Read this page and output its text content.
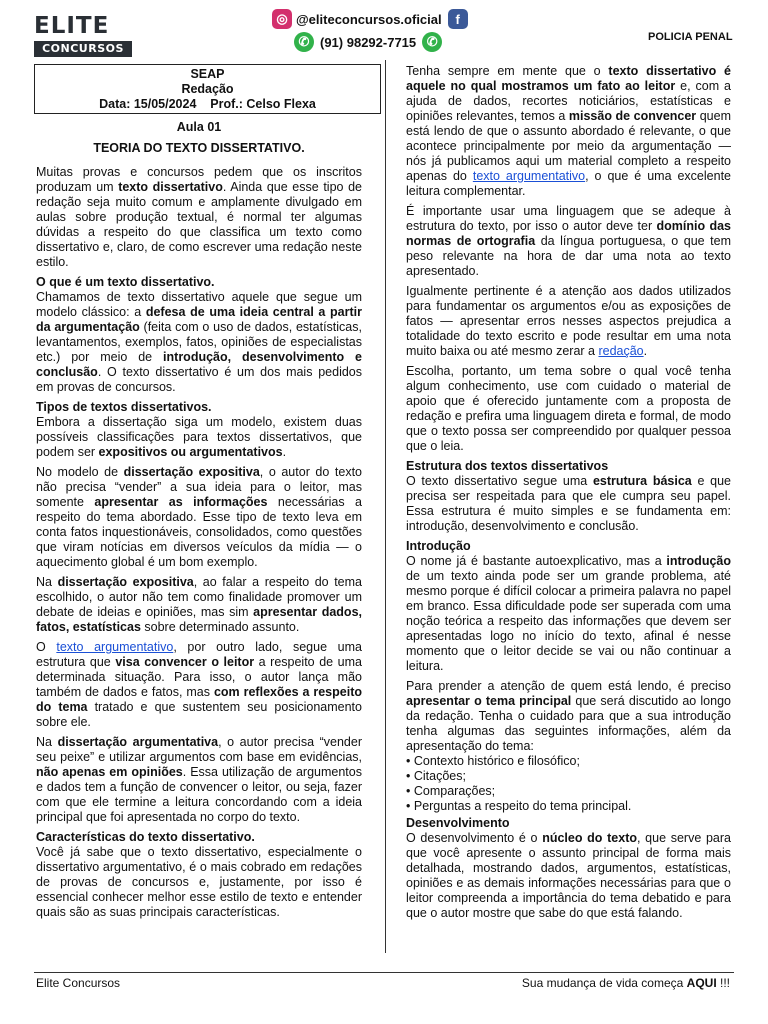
ELITE
CONCURSOS
◎ @eliteconcursos.oficial	f
✆ (91) 98292-7715 ✆	POLICIA PENAL
SEAP
Redação
Data: 15/05/2024    Prof.: Celso Flexa
Aula 01
TEORIA DO TEXTO DISSERTATIVO.

Muitas provas e concursos pedem que os inscritos produzam um texto dissertativo. Ainda que esse tipo de redação seja muito comum e amplamente divulgado em aulas sobre produção textual, é normal ter algumas dúvidas a respeito do que classifica um texto como dissertativo e, claro, de como escrever uma redação neste estilo.

O que é um texto dissertativo.

Chamamos de texto dissertativo aquele que segue um modelo clássico: a defesa de uma ideia central a partir da argumentação (feita com o uso de dados, estatísticas, levantamentos, exemplos, fatos, opiniões de especialistas etc.) por meio de introdução, desenvolvimento e conclusão. O texto dissertativo é um dos mais pedidos em provas de concursos.

Tipos de textos dissertativos.

Embora a dissertação siga um modelo, existem duas possíveis classificações para textos dissertativos, que podem ser expositivos ou argumentativos.

No modelo de dissertação expositiva, o autor do texto não precisa “vender” a sua ideia para o leitor, mas somente apresentar as informações necessárias a respeito do tema abordado. Esse tipo de texto leva em conta fatos inquestionáveis, consolidados, como questões que viram notícias em diversos veículos da mídia — o aquecimento global é um bom exemplo.

Na dissertação expositiva, ao falar a respeito do tema escolhido, o autor não tem como finalidade promover um debate de ideias e opiniões, mas sim apresentar dados, fatos, estatísticas sobre determinado assunto.

O texto argumentativo, por outro lado, segue uma estrutura que visa convencer o leitor a respeito de uma determinada situação. Para isso, o autor lança mão também de dados e fatos, mas com reflexões a respeito do tema tratado e que sustentem seu posicionamento sobre ele.

Na dissertação argumentativa, o autor precisa “vender seu peixe” e utilizar argumentos com base em evidências, não apenas em opiniões. Essa utilização de argumentos e dados tem a função de convencer o leitor, ou seja, fazer com que ele termine a leitura concordando com a ideia principal que foi apresentada no corpo do texto.

Características do texto dissertativo.

Você já sabe que o texto dissertativo, especialmente o dissertativo argumentativo, é o mais cobrado em redações de provas de concursos e, justamente, por isso é essencial conhecer melhor esse estilo de texto e entender quais são as suas principais características.

Tenha sempre em mente que o texto dissertativo é aquele no qual mostramos um fato ao leitor e, com a ajuda de dados, recortes noticiários, estatísticas e opiniões relevantes, temos a missão de convencer quem está lendo de que o assunto abordado é relevante, o que acontece principalmente por meio da argumentação — nós já publicamos aqui um material completo a respeito apenas do texto argumentativo, o que é uma excelente leitura complementar.

É importante usar uma linguagem que se adeque à estrutura do texto, por isso o autor deve ter domínio das normas de ortografia da língua portuguesa, o que tem peso relevante na hora de dar uma nota ao texto apresentado.

Igualmente pertinente é a atenção aos dados utilizados para fundamentar os argumentos e/ou as exposições de fatos — apresentar erros nesses aspectos prejudica a totalidade do texto escrito e pode resultar em uma nota muito baixa ou até mesmo zerar a redação.

Escolha, portanto, um tema sobre o qual você tenha algum conhecimento, use com cuidado o material de apoio que é oferecido juntamente com a proposta de redação e prefira uma linguagem direta e formal, de modo que o texto possa ser compreendido por qualquer pessoa que o leia.

Estrutura dos textos dissertativos

O texto dissertativo segue uma estrutura básica e que precisa ser respeitada para que ele cumpra seu papel. Essa estrutura é muito simples e se fundamenta em: introdução, desenvolvimento e conclusão.

Introdução

O nome já é bastante autoexplicativo, mas a introdução de um texto ainda pode ser um grande problema, até mesmo porque é difícil colocar a primeira palavra no papel em branco. Essa dificuldade pode ser superada com uma noção teórica a respeito das informações que devem ser apresentadas logo no início do texto, afinal é nesse momento que o leitor decide se vai ou não continuar a leitura.

Para prender a atenção de quem está lendo, é preciso apresentar o tema principal que será discutido ao longo da redação. Tenha o cuidado para que a sua introdução tenha algumas das seguintes informações, além da apresentação do tema:

• Contexto histórico e filosófico;
• Citações;
• Comparações;
• Perguntas a respeito do tema principal.
Desenvolvimento

O desenvolvimento é o núcleo do texto, que serve para que você apresente o assunto principal de forma mais detalhada, mostrando dados, argumentos, estatísticas, opiniões e as demais informações necessárias para que o leitor compreenda a importância do tema debatido e para que o autor mostre que sabe do que está falando.

Elite Concursos	Sua mudança de vida começa AQUI !!!
